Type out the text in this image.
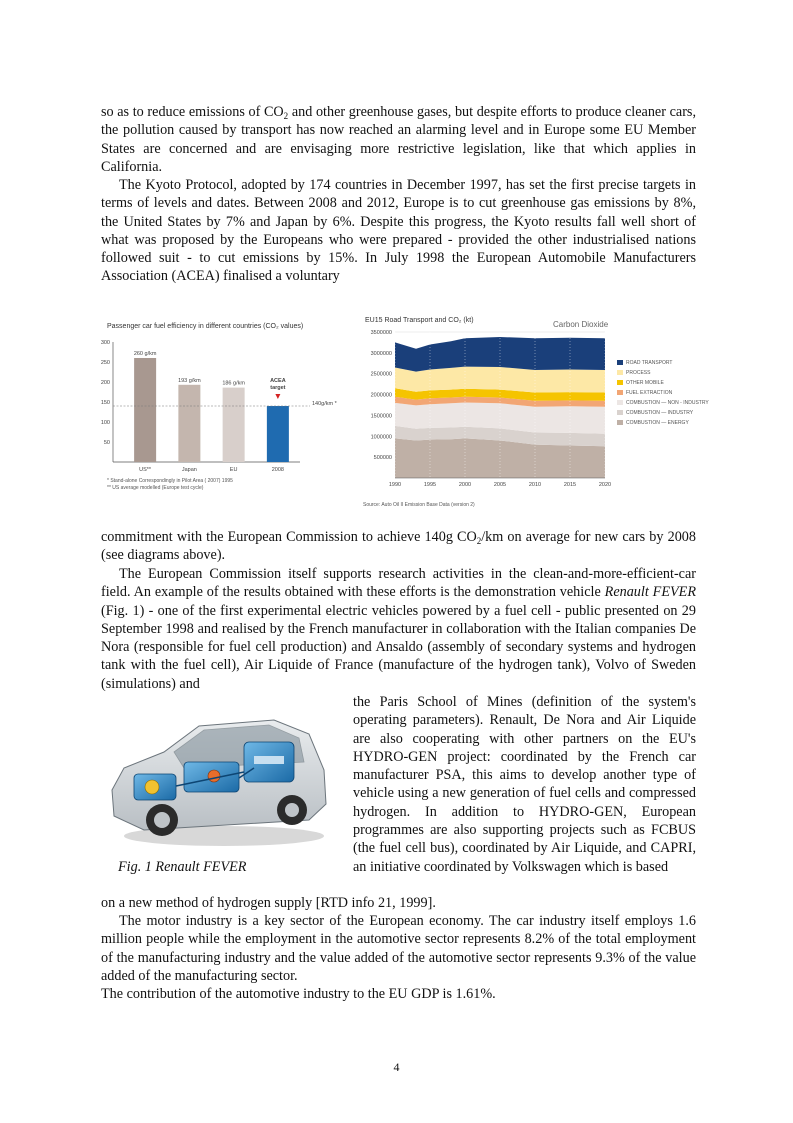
so as to reduce emissions of $CO_2$ and other greenhouse gases, but despite efforts to produce cleaner cars, the pollution caused by transport has now reached an alarming level and in Europe some EU Member States are concerned and are envisaging more restrictive legislation, like that which applies in California.

The Kyoto Protocol, adopted by 174 countries in December 1997, has set the first precise targets in terms of levels and dates. Between 2008 and 2012, Europe is to cut greenhouse gas emissions by 8%, the United States by 7% and Japan by 6%. Despite this progress, the Kyoto results fall well short of what was proposed by the Europeans who were prepared - provided the other industrialised nations followed suit - to cut emissions by 15%. In July 1998 the European Automobile Manufacturers Association (ACEA) finalised a voluntary

Passenger car fuel efficiency in different countries (CO₂ values)
50
100
150
200
250
300
US**
260 g/km
Japan
193 g/km
EU
186 g/km
2008
140g/km *
ACEA
target
* Stand-alone Correspondingly in Pilot Area ( 2007) 1995
** US average modelled (Europe test cycle)
EU15 Road Transport and CO₂ (kt)	Carbon Dioxide
500000
1000000
1500000
2000000
2500000
3000000
3500000
1990	1995	2000	2005	2010	2015	2020
ROAD TRANSPORT
PROCESS
OTHER MOBILE
FUEL EXTRACTION
COMBUSTION — NON - INDUSTRY
COMBUSTION — INDUSTRY
COMBUSTION — ENERGY
Source: Auto Oil II Emission Base Data (version 2)

commitment with the European Commission to achieve 140g $CO_2/km$ on average for new cars by 2008 (see diagrams above).

The European Commission itself supports research activities in the clean-and-more-efficient-car field. An example of the results obtained with these efforts is the demonstration vehicle Renault FEVER (Fig. 1) - one of the first experimental electric vehicles powered by a fuel cell - public presented on 29 September 1998 and realised by the French manufacturer in collaboration with the Italian companies De Nora (responsible for fuel cell production) and Ansaldo (assembly of secondary systems and hydrogen tank with the fuel cell), Air Liquide of France (manufacture of the hydrogen tank), Volvo of Sweden (simulations) and

the Paris School of Mines (definition of the system's operating parameters). Renault, De Nora and Air Liquide are also cooperating with other partners on the EU's HYDRO-GEN project: coordinated by the French car manufacturer PSA, this aims to develop another type of vehicle using a new generation of fuel cells and compressed hydrogen. In addition to HYDRO-GEN, European programmes are also supporting projects such as FCBUS (the fuel cell bus), coordinated by Air Liquide, and CAPRI, an initiative coordinated by Volkswagen which is based

Fig. 1 Renault FEVER

on a new method of hydrogen supply [RTD info 21, 1999].

The motor industry is a key sector of the European economy. The car industry itself employs 1.6 million people while the employment in the automotive sector represents 8.2% of the total employment of the manufacturing industry and the value added of the automotive sector represents 9.3% of the value added of the manufacturing sector.

The contribution of the automotive industry to the EU GDP is 1.61%.

4
